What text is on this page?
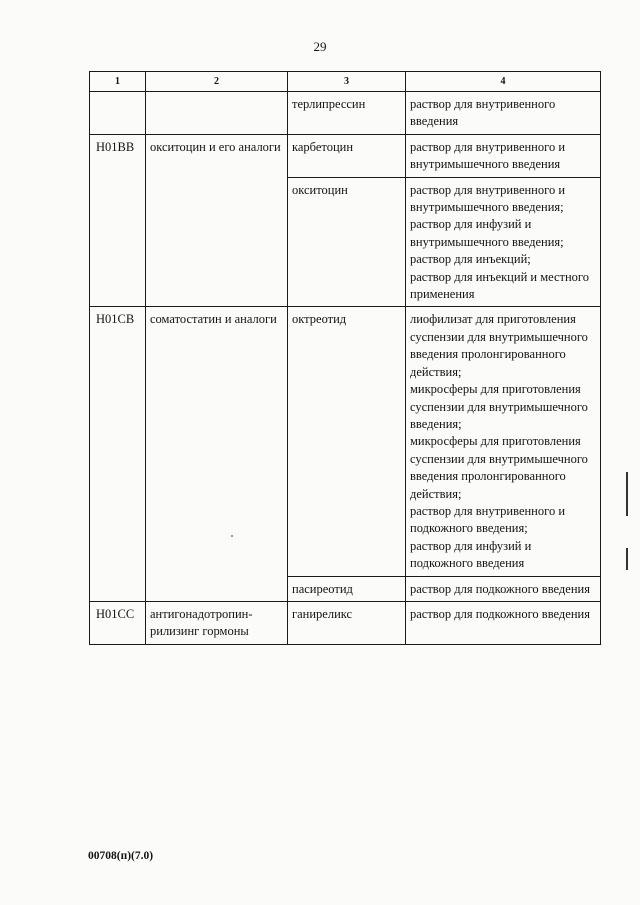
29
1	2	3	4
		терлипрессин	раствор для внутривенного введения

H01BB	окситоцин и его аналоги	карбетоцин	раствор для внутривенного и внутримышечного введения

		окситоцин	раствор для внутривенного и внутримышечного введения;
раствор для инфузий и внутримышечного введения;
раствор для инъекций;
раствор для инъекций и местного применения

H01CB	соматостатин и аналоги	октреотид	лиофилизат для приготовления суспензии для внутримышечного введения пролонгированного действия;
микросферы для приготовления суспензии для внутримышечного введения;
микросферы для приготовления суспензии для внутримышечного введения пролонгированного действия;
раствор для внутривенного и подкожного введения;
раствор для инфузий и подкожного введения

		пасиреотид	раствор для подкожного введения

H01CC	антигонадотропин-рилизинг гормоны	ганиреликс	раствор для подкожного введения
00708(п)(7.0)
